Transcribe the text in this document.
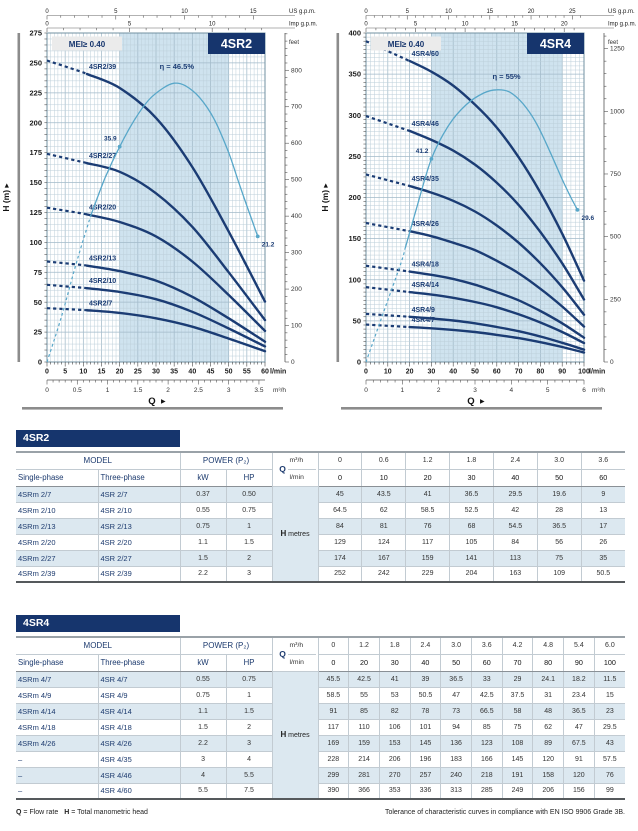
0
25
50
75
100
125
150
175
200
225
250
275
H (m) ▸
0 5 10 15 20 25 30 35 40 45 50 55 60 l/min
0	0.5	1	1.5	2	2.5	3	3.5 m³/h
Q ▶
0	5	10	15	US g.p.m.
0	5	10	Imp g.p.m.
0
100
200
300
400
500
600
700
800
feet
4SR2/39
4SR2/27
4SR2/20
4SR2/13
4SR2/10
4SR2/7
η = 46.5%
35.9
21.2
MEI≥ 0.40	4SR2
0
50
100
150
200
250
300
350
400
H (m) ▸
0 10 20 30 40 50 60 70 80 90 100 l/min
0	1	2	3	4	5	6 m³/h
Q ▶
0	5	10	15	20	25	US g.p.m.
0	5	10	15	20	Imp g.p.m.
0
250
500
750
1000
1250
feet
4SR4/60
4SR4/46
4SR4/35
4SR4/26
4SR4/18
4SR4/14
4SR4/9
4SR4/7
η = 55%
41.2
29.6
MEI≥ 0.40	4SR4
4SR2
MODEL		POWER (P₂)		Q
m³/h
l/min	0	0.6	1.2	1.8	2.4	3.0	3.6
Single-phase	Three-phase	kW	HP		0	10	20	30	40	50	60
4SRm 2/7	4SR 2/7	0.37	0.50	H metres	45	43.5	41	36.5	29.5	19.6	9
4SRm 2/10	4SR 2/10	0.55	0.75		64.5	62	58.5	52.5	42	28	13
4SRm 2/13	4SR 2/13	0.75	1		84	81	76	68	54.5	36.5	17
4SRm 2/20	4SR 2/20	1.1	1.5		129	124	117	105	84	56	26
4SRm 2/27	4SR 2/27	1.5	2		174	167	159	141	113	75	35
4SRm 2/39	4SR 2/39	2.2	3		252	242	229	204	163	109	50.5
4SR4
MODEL		POWER (P₂)		Q
m³/h
l/min	0	1.2	1.8	2.4	3.0	3.6	4.2	4.8	5.4	6.0
Single-phase	Three-phase	kW	HP		0	20	30	40	50	60	70	80	90	100
4SRm 4/7	4SR 4/7	0.55	0.75	H metres	45.5	42.5	41	39	36.5	33	29	24.1	18.2	11.5
4SRm 4/9	4SR 4/9	0.75	1		58.5	55	53	50.5	47	42.5	37.5	31	23.4	15
4SRm 4/14	4SR 4/14	1.1	1.5		91	85	82	78	73	66.5	58	48	36.5	23
4SRm 4/18	4SR 4/18	1.5	2		117	110	106	101	94	85	75	62	47	29.5
4SRm 4/26	4SR 4/26	2.2	3		169	159	153	145	136	123	108	89	67.5	43
–	4SR 4/35	3	4		228	214	206	196	183	166	145	120	91	57.5
–	4SR 4/46	4	5.5		299	281	270	257	240	218	191	158	120	76
–	4SR 4/60	5.5	7.5		390	366	353	336	313	285	249	206	156	99
Q = Flow rate H = Total manometric head	Tolerance of characteristic curves in compliance with EN ISO 9906 Grade 3B.
